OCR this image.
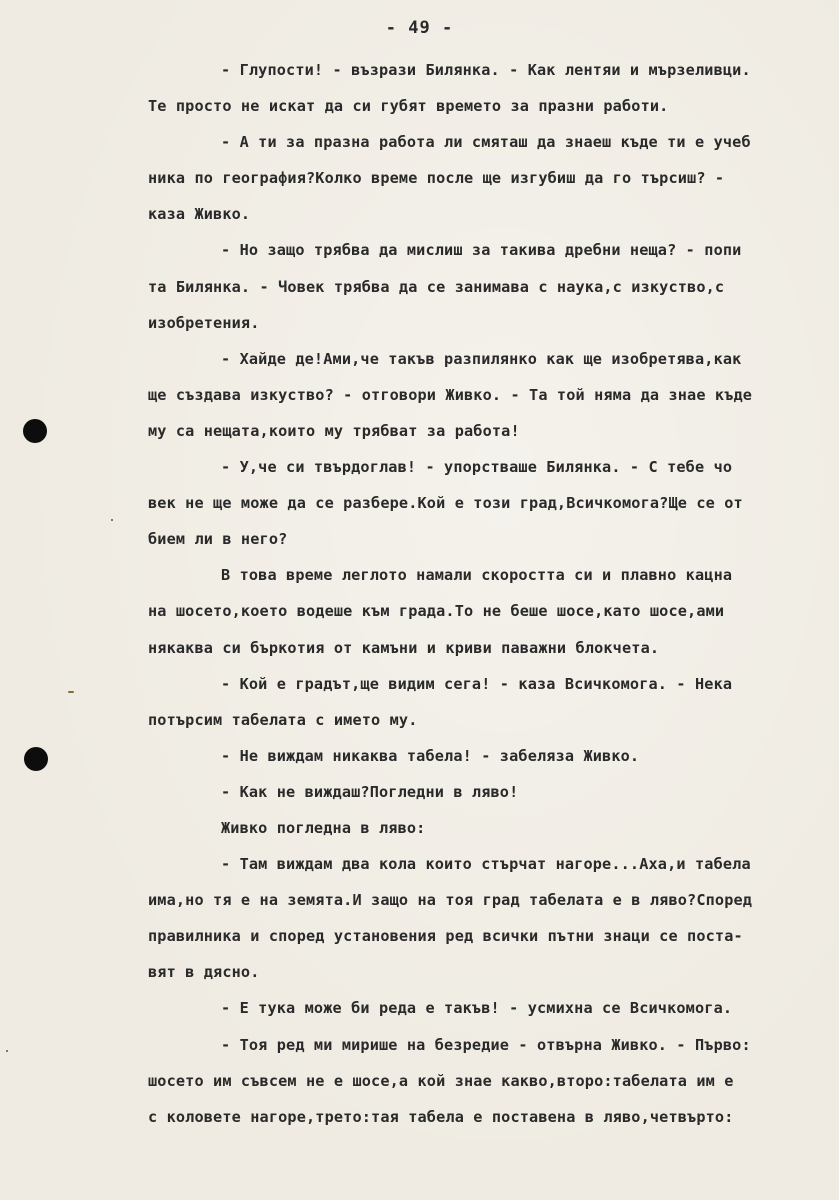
- 49 -
- Глупости! - възрази Билянка. - Как лентяи и мързеливци.
Те просто не искат да си губят времето за празни работи.
- А ти за празна работа ли смяташ да знаеш къде ти е учеб
ника по география?Колко време после ще изгубиш да го търсиш? -
каза Живко.
- Но защо трябва да мислиш за такива дребни неща? - попи
та Билянка. - Човек трябва да се занимава с наука,с изкуство,с
изобретения.
- Хайде де!Ами,че такъв разпилянко как ще изобретява,как
ще създава изкуство? - отговори Живко. - Та той няма да знае къде
му са нещата,които му трябват за работа!
- У,че си твърдоглав! - упорстваше Билянка. - С тебе чо
век не ще може да се разбере.Кой е този град,Всичкомога?Ще се от
бием ли в него?
В това време леглото намали скоростта си и плавно кацна
на шосето,което водеше към града.То не беше шосе,като шосе,ами
някаква си бъркотия от камъни и криви паважни блокчета.
- Кой е градът,ще видим сега! - каза Всичкомога. - Нека
потърсим табелата с името му.
- Не виждам никаква табела! - забеляза Живко.
- Как не виждаш?Погледни в ляво!
Живко погледна в ляво:
- Там виждам два кола които стърчат нагоре...Аха,и табела
има,но тя е на земята.И защо на тоя град табелата е в ляво?Според
правилника и според установения ред всички пътни знаци се поста-
вят в дясно.
- Е тука може би реда е такъв! - усмихна се Всичкомога.
- Тоя ред ми мирише на безредие - отвърна Живко. - Първо:
шосето им съвсем не е шосе,а кой знае какво,второ:табелата им е
с коловете нагоре,трето:тая табела е поставена в ляво,четвърто:
